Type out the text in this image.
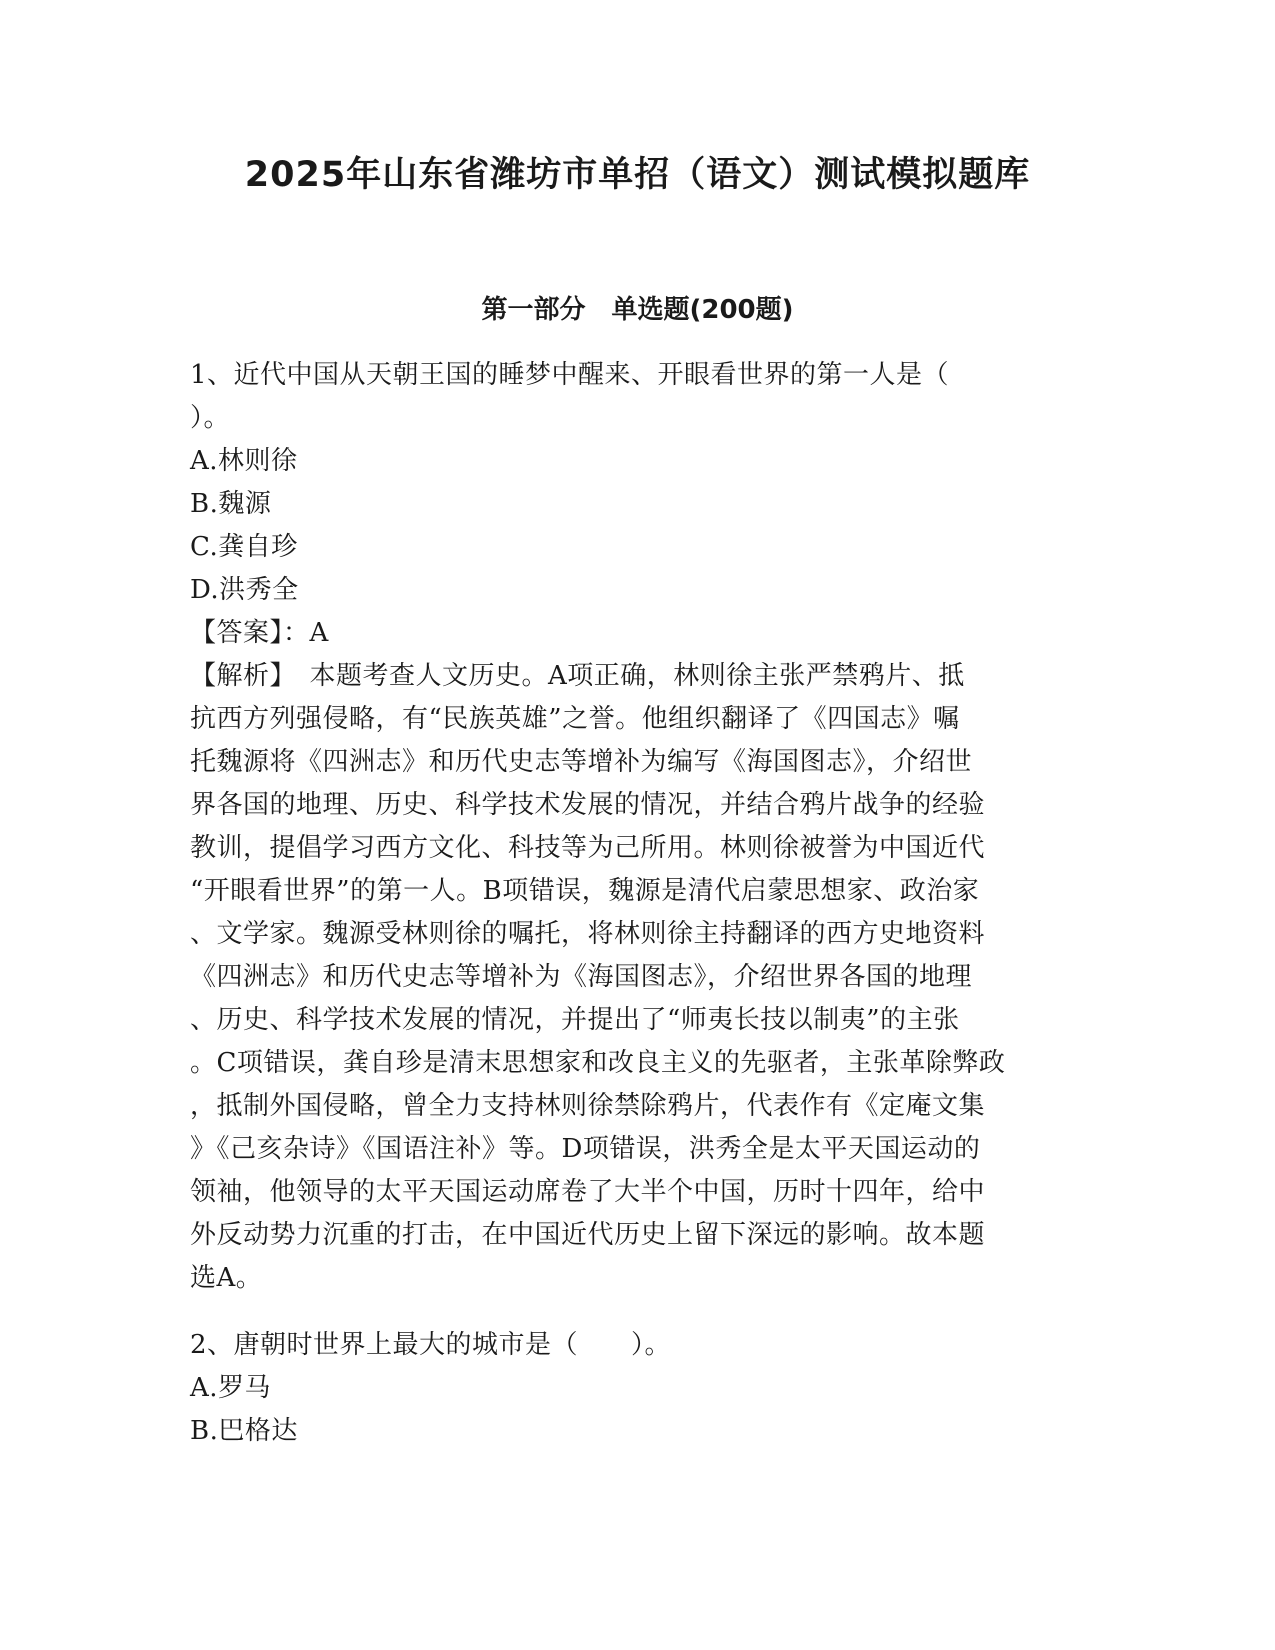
2025年山东省潍坊市单招（语文）测试模拟题库
第一部分　单选题(200题)
1、近代中国从天朝王国的睡梦中醒来、开眼看世界的第一人是（
）。
A.林则徐
B.魏源
C.龚自珍
D.洪秀全
【答案】：A
【解析】　本题考查人文历史。A项正确，林则徐主张严禁鸦片、抵
抗西方列强侵略，有“民族英雄”之誉。他组织翻译了《四国志》嘱
托魏源将《四洲志》和历代史志等增补为编写《海国图志》，介绍世
界各国的地理、历史、科学技术发展的情况，并结合鸦片战争的经验
教训，提倡学习西方文化、科技等为己所用。林则徐被誉为中国近代
“开眼看世界”的第一人。B项错误，魏源是清代启蒙思想家、政治家
、文学家。魏源受林则徐的嘱托，将林则徐主持翻译的西方史地资料
《四洲志》和历代史志等增补为《海国图志》，介绍世界各国的地理
、历史、科学技术发展的情况，并提出了“师夷长技以制夷”的主张
。C项错误，龚自珍是清末思想家和改良主义的先驱者，主张革除弊政
，抵制外国侵略，曾全力支持林则徐禁除鸦片，代表作有《定庵文集
》《己亥杂诗》《国语注补》等。D项错误，洪秀全是太平天国运动的
领袖，他领导的太平天国运动席卷了大半个中国，历时十四年，给中
外反动势力沉重的打击，在中国近代历史上留下深远的影响。故本题
选A。
2、唐朝时世界上最大的城市是（　　）。
A.罗马
B.巴格达
